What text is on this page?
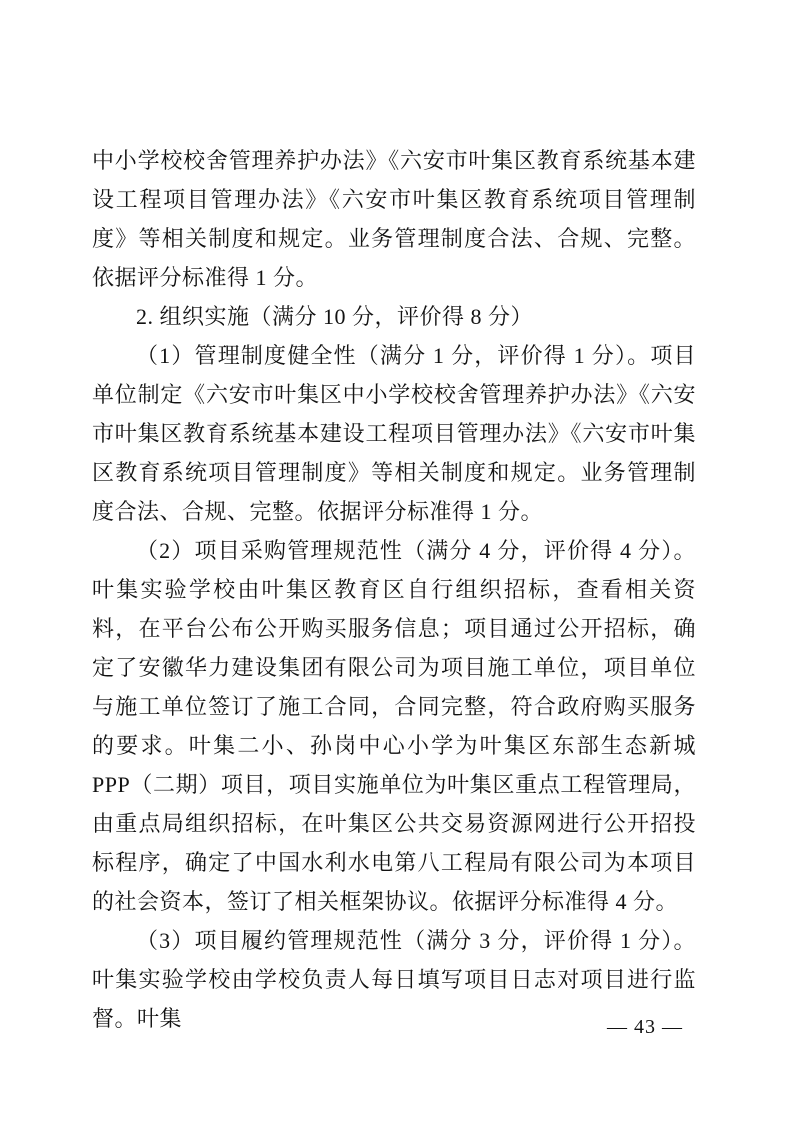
中小学校校舍管理养护办法》《六安市叶集区教育系统基本建设工程项目管理办法》《六安市叶集区教育系统项目管理制度》等相关制度和规定。业务管理制度合法、合规、完整。依据评分标准得 1 分。

2. 组织实施（满分 10 分，评价得 8 分）

（1）管理制度健全性（满分 1 分，评价得 1 分）。项目单位制定《六安市叶集区中小学校校舍管理养护办法》《六安市叶集区教育系统基本建设工程项目管理办法》《六安市叶集区教育系统项目管理制度》等相关制度和规定。业务管理制度合法、合规、完整。依据评分标准得 1 分。

（2）项目采购管理规范性（满分 4 分，评价得 4 分）。叶集实验学校由叶集区教育区自行组织招标，查看相关资料，在平台公布公开购买服务信息；项目通过公开招标，确定了安徽华力建设集团有限公司为项目施工单位，项目单位与施工单位签订了施工合同，合同完整，符合政府购买服务的要求。叶集二小、孙岗中心小学为叶集区东部生态新城 PPP（二期）项目，项目实施单位为叶集区重点工程管理局，由重点局组织招标，在叶集区公共交易资源网进行公开招投标程序，确定了中国水利水电第八工程局有限公司为本项目的社会资本，签订了相关框架协议。依据评分标准得 4 分。

（3）项目履约管理规范性（满分 3 分，评价得 1 分）。叶集实验学校由学校负责人每日填写项目日志对项目进行监督。叶集	— 43 —
